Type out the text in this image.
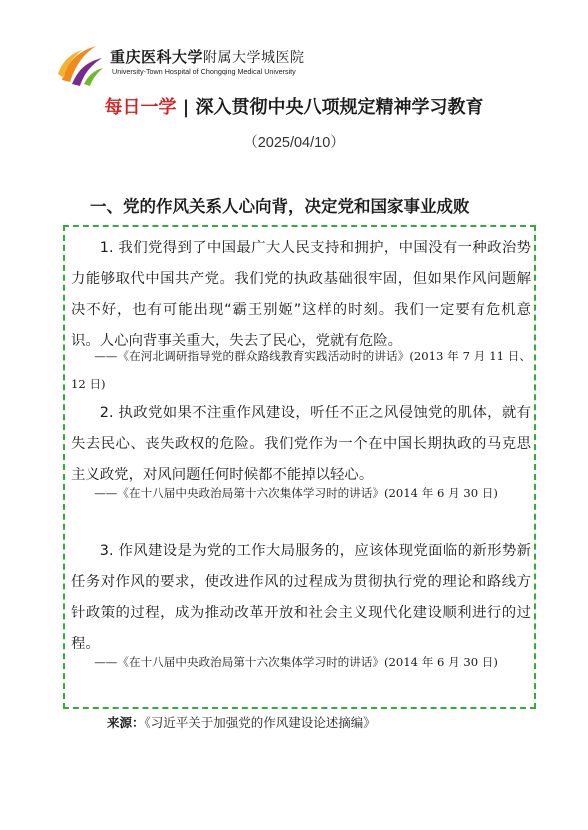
重庆医科大学附属大学城医院
University-Town Hospital of Chongqing Medical University
每日一学 | 深入贯彻中央八项规定精神学习教育
（2025/04/10）
一、党的作风关系人心向背，决定党和国家事业成败
1. 我们党得到了中国最广大人民支持和拥护，中国没有一种政治势力能够取代中国共产党。我们党的执政基础很牢固，但如果作风问题解决不好，也有可能出现“霸王别姬”这样的时刻。我们一定要有危机意识。人心向背事关重大，失去了民心，党就有危险。
——《在河北调研指导党的群众路线教育实践活动时的讲话》(2013 年 7 月 11 日、12 日)
2. 执政党如果不注重作风建设，听任不正之风侵蚀党的肌体，就有失去民心、丧失政权的危险。我们党作为一个在中国长期执政的马克思主义政党，对风问题任何时候都不能掉以轻心。
——《在十八届中央政治局第十六次集体学习时的讲话》(2014 年 6 月 30 日)
3. 作风建设是为党的工作大局服务的，应该体现党面临的新形势新任务对作风的要求，使改进作风的过程成为贯彻执行党的理论和路线方针政策的过程，成为推动改革开放和社会主义现代化建设顺利进行的过程。
——《在十八届中央政治局第十六次集体学习时的讲话》(2014 年 6 月 30 日)
来源：《习近平关于加强党的作风建设论述摘编》
